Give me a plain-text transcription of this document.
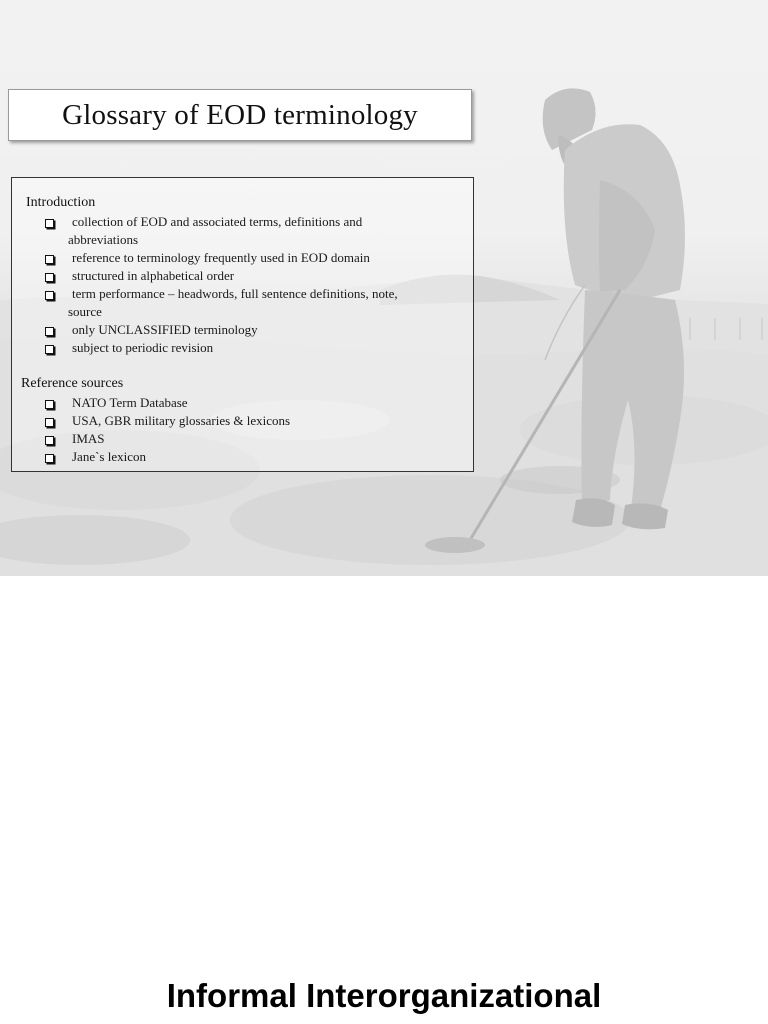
Glossary of EOD terminology
Introduction
collection of EOD and associated terms, definitions and
abbreviations
reference to terminology frequently used in EOD domain
structured in alphabetical order
term performance – headwords, full sentence definitions, note,
source
only UNCLASSIFIED terminology
subject to periodic revision
Reference sources
NATO Term Database
USA, GBR military glossaries & lexicons
IMAS
Jane`s lexicon
Informal Interorganizational
